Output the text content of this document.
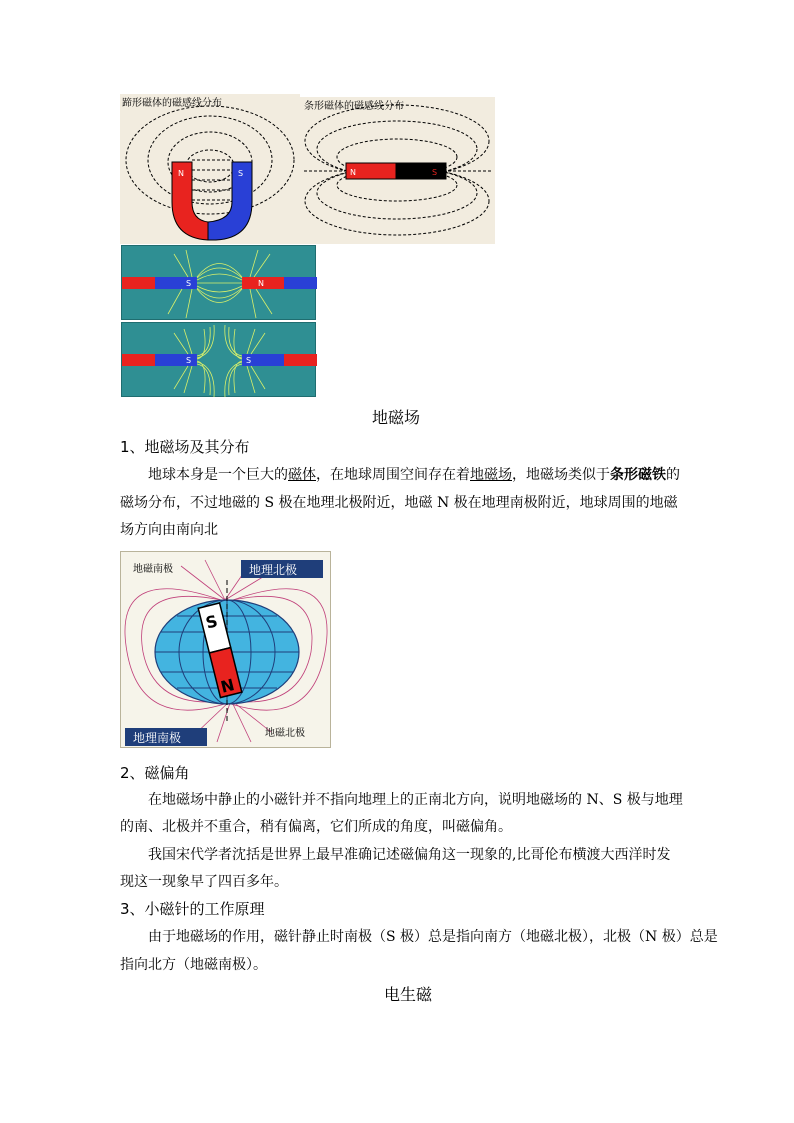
蹄形磁体的磁感线分布
N	S
条形磁体的磁感线分布
N	S
S	N
S	S
地磁场
1、地磁场及其分布
地球本身是一个巨大的磁体，在地球周围空间存在着地磁场，地磁场类似于条形磁铁的
磁场分布，不过地磁的 S 极在地理北极附近，地磁 N 极在地理南极附近，地球周围的地磁
场方向由南向北
S
N
地磁南极	地理北极
地理南极	地磁北极
2、磁偏角
在地磁场中静止的小磁针并不指向地理上的正南北方向，说明地磁场的 N、S 极与地理
的南、北极并不重合，稍有偏离，它们所成的角度，叫磁偏角。
我国宋代学者沈括是世界上最早准确记述磁偏角这一现象的,比哥伦布横渡大西洋时发
现这一现象早了四百多年。
3、小磁针的工作原理
由于地磁场的作用，磁针静止时南极（S 极）总是指向南方（地磁北极），北极（N 极）总是
指向北方（地磁南极）。
电生磁
